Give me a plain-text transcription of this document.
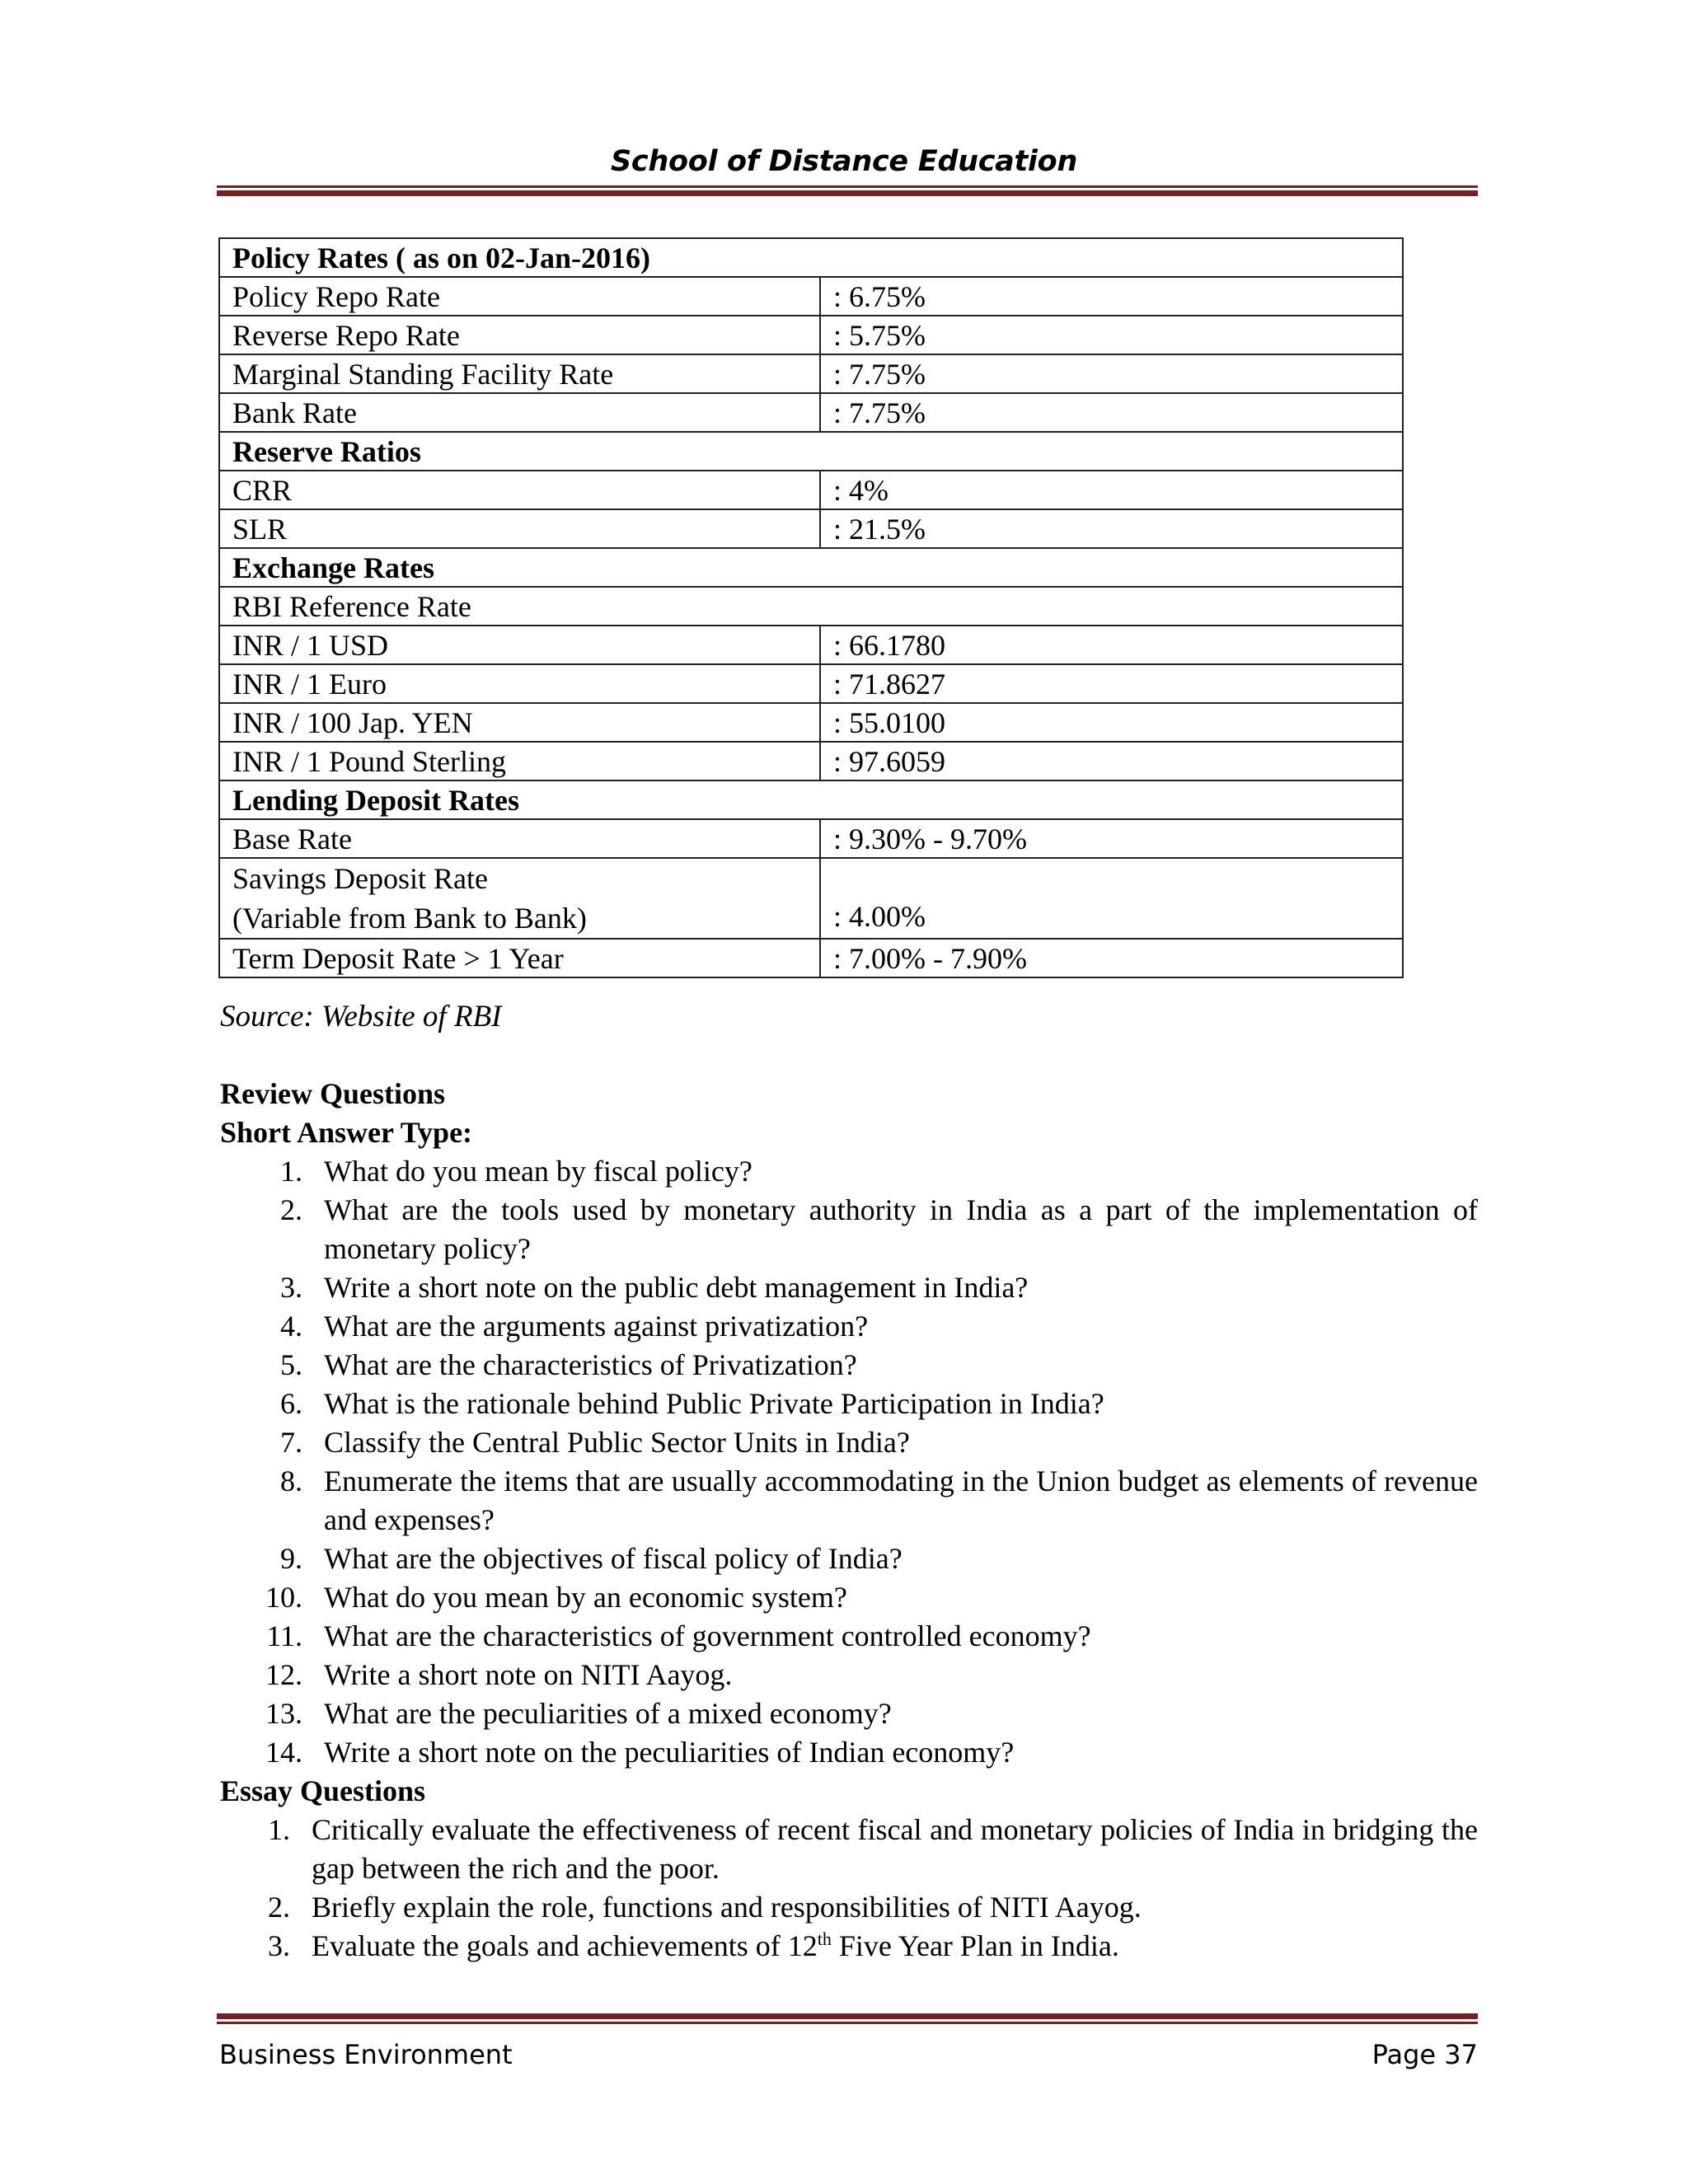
School of Distance Education
Policy Rates ( as on 02-Jan-2016)	
Policy Repo Rate	: 6.75%
Reverse Repo Rate	: 5.75%
Marginal Standing Facility Rate	: 7.75%
Bank Rate	: 7.75%
Reserve Ratios	
CRR	: 4%
SLR	: 21.5%
Exchange Rates	
RBI Reference Rate	
INR / 1 USD	: 66.1780
INR / 1 Euro	: 71.8627
INR / 100 Jap. YEN	: 55.0100
INR / 1 Pound Sterling	: 97.6059
Lending Deposit Rates	
Base Rate	: 9.30% - 9.70%

Savings Deposit Rate
(Variable from Bank to Bank)	: 4.00%
Term Deposit Rate > 1 Year	: 7.00% - 7.90%
Source: Website of RBI
Review Questions
Short Answer Type:
1. What do you mean by fiscal policy?
2. What are the tools used by monetary authority in India as a part of the implementation of monetary policy?
3. Write a short note on the public debt management in India?
4. What are the arguments against privatization?
5. What are the characteristics of Privatization?
6. What is the rationale behind Public Private Participation in India?
7. Classify the Central Public Sector Units in India?
8. Enumerate the items that are usually accommodating in the Union budget as elements of revenue and expenses?
9. What are the objectives of fiscal policy of India?
10. What do you mean by an economic system?
11. What are the characteristics of government controlled economy?
12. Write a short note on NITI Aayog.
13. What are the peculiarities of a mixed economy?
14. Write a short note on the peculiarities of Indian economy?
Essay Questions
1. Critically evaluate the effectiveness of recent fiscal and monetary policies of India in bridging the gap between the rich and the poor.
2. Briefly explain the role, functions and responsibilities of NITI Aayog.
3. Evaluate the goals and achievements of 12th Five Year Plan in India.
Business Environment	Page 37
